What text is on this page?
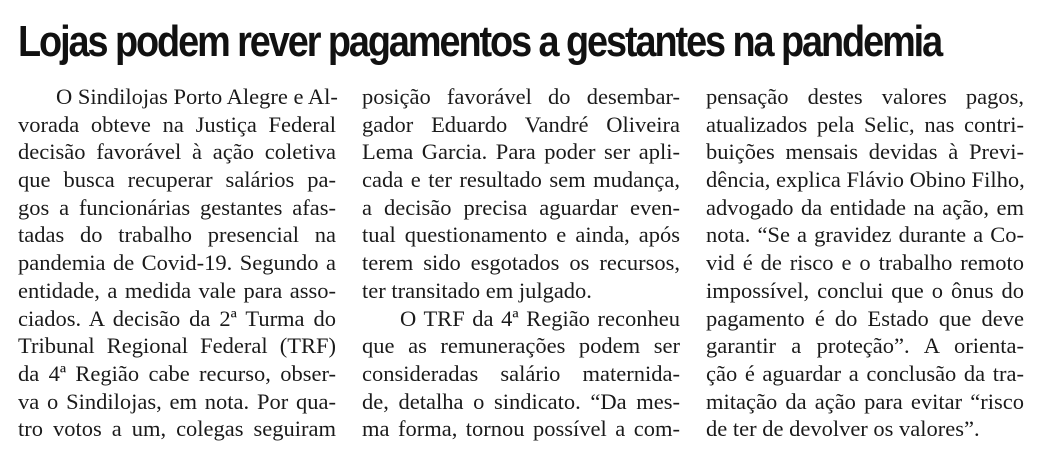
Lojas podem rever pagamentos a gestantes na pandemia
O Sindilojas Porto Alegre e Al-
vorada obteve na Justiça Federal
decisão favorável à ação coletiva
que busca recuperar salários pa-
gos a funcionárias gestantes afas-
tadas do trabalho presencial na
pandemia de Covid-19. Segundo a
entidade, a medida vale para asso-
ciados. A decisão da 2ª Turma do
Tribunal Regional Federal (TRF)
da 4ª Região cabe recurso, obser-
va o Sindilojas, em nota. Por qua-
tro votos a um, colegas seguiram
posição favorável do desembar-
gador Eduardo Vandré Oliveira
Lema Garcia. Para poder ser apli-
cada e ter resultado sem mudança,
a decisão precisa aguardar even-
tual questionamento e ainda, após
terem sido esgotados os recursos,
ter transitado em julgado.
O TRF da 4ª Região reconheu
que as remunerações podem ser
consideradas salário maternida-
de, detalha o sindicato. “Da mes-
ma forma, tornou possível a com-
pensação destes valores pagos,
atualizados pela Selic, nas contri-
buições mensais devidas à Previ-
dência, explica Flávio Obino Filho,
advogado da entidade na ação, em
nota. “Se a gravidez durante a Co-
vid é de risco e o trabalho remoto
impossível, conclui que o ônus do
pagamento é do Estado que deve
garantir a proteção”. A orienta-
ção é aguardar a conclusão da tra-
mitação da ação para evitar “risco
de ter de devolver os valores”.
